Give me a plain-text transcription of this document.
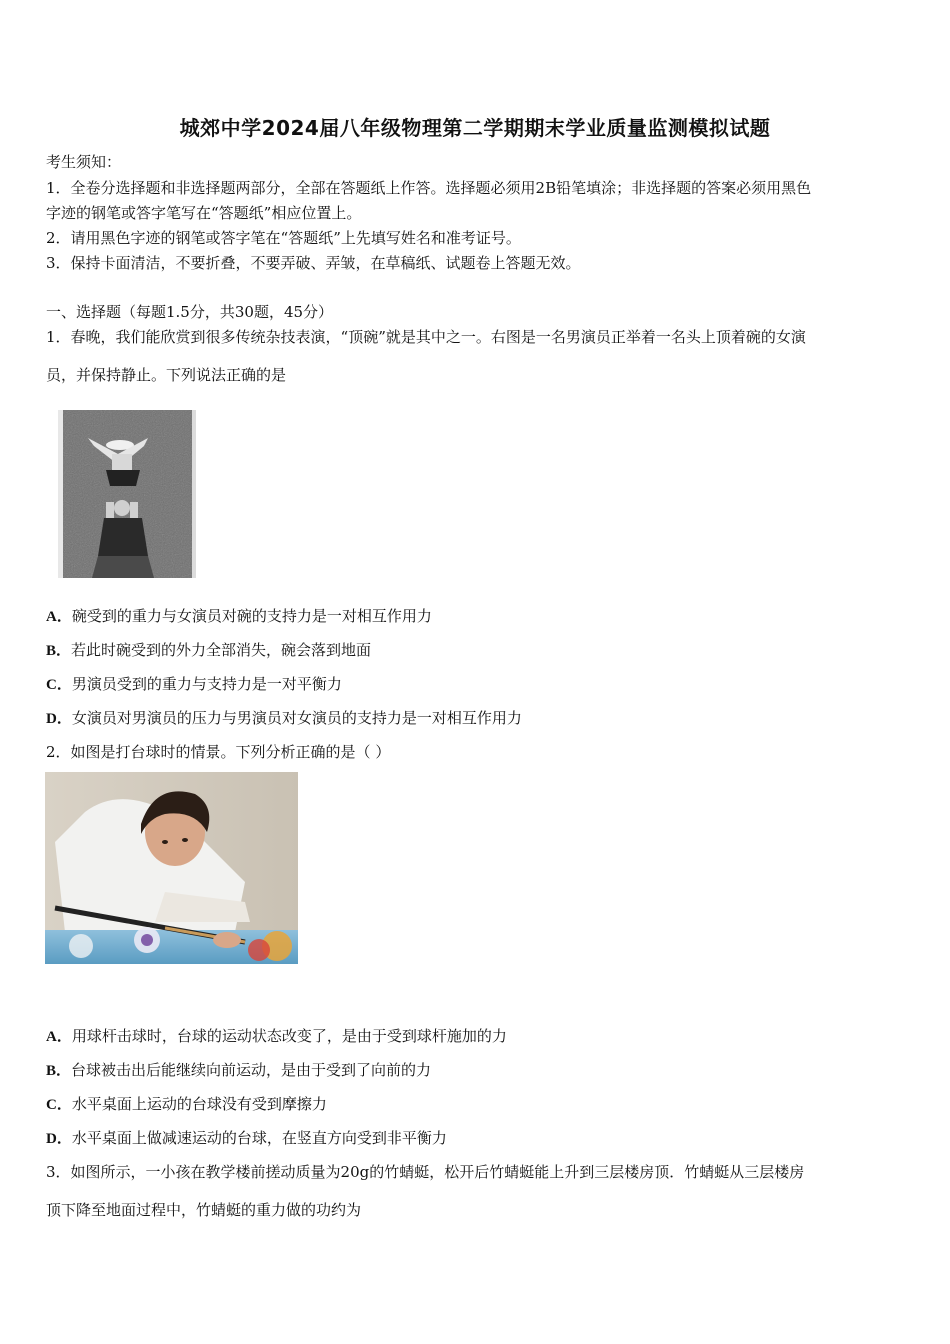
城郊中学2024届八年级物理第二学期期末学业质量监测模拟试题
考生须知：
1．全卷分选择题和非选择题两部分，全部在答题纸上作答。选择题必须用2B铅笔填涂；非选择题的答案必须用黑色
字迹的钢笔或答字笔写在“答题纸”相应位置上。
2．请用黑色字迹的钢笔或答字笔在“答题纸”上先填写姓名和准考证号。
3．保持卡面清洁，不要折叠，不要弄破、弄皱，在草稿纸、试题卷上答题无效。
一、选择题（每题1.5分，共30题，45分）
1．春晚，我们能欣赏到很多传统杂技表演，“顶碗”就是其中之一。右图是一名男演员正举着一名头上顶着碗的女演
员，并保持静止。下列说法正确的是
A．碗受到的重力与女演员对碗的支持力是一对相互作用力
B．若此时碗受到的外力全部消失，碗会落到地面
C．男演员受到的重力与支持力是一对平衡力
D．女演员对男演员的压力与男演员对女演员的支持力是一对相互作用力
2．如图是打台球时的情景。下列分析正确的是（ ）
A．用球杆击球时，台球的运动状态改变了，是由于受到球杆施加的力
B．台球被击出后能继续向前运动，是由于受到了向前的力
C．水平桌面上运动的台球没有受到摩擦力
D．水平桌面上做减速运动的台球，在竖直方向受到非平衡力
3．如图所示，一小孩在教学楼前搓动质量为20g的竹蜻蜓，松开后竹蜻蜓能上升到三层楼房顶．竹蜻蜓从三层楼房
顶下降至地面过程中，竹蜻蜓的重力做的功约为
